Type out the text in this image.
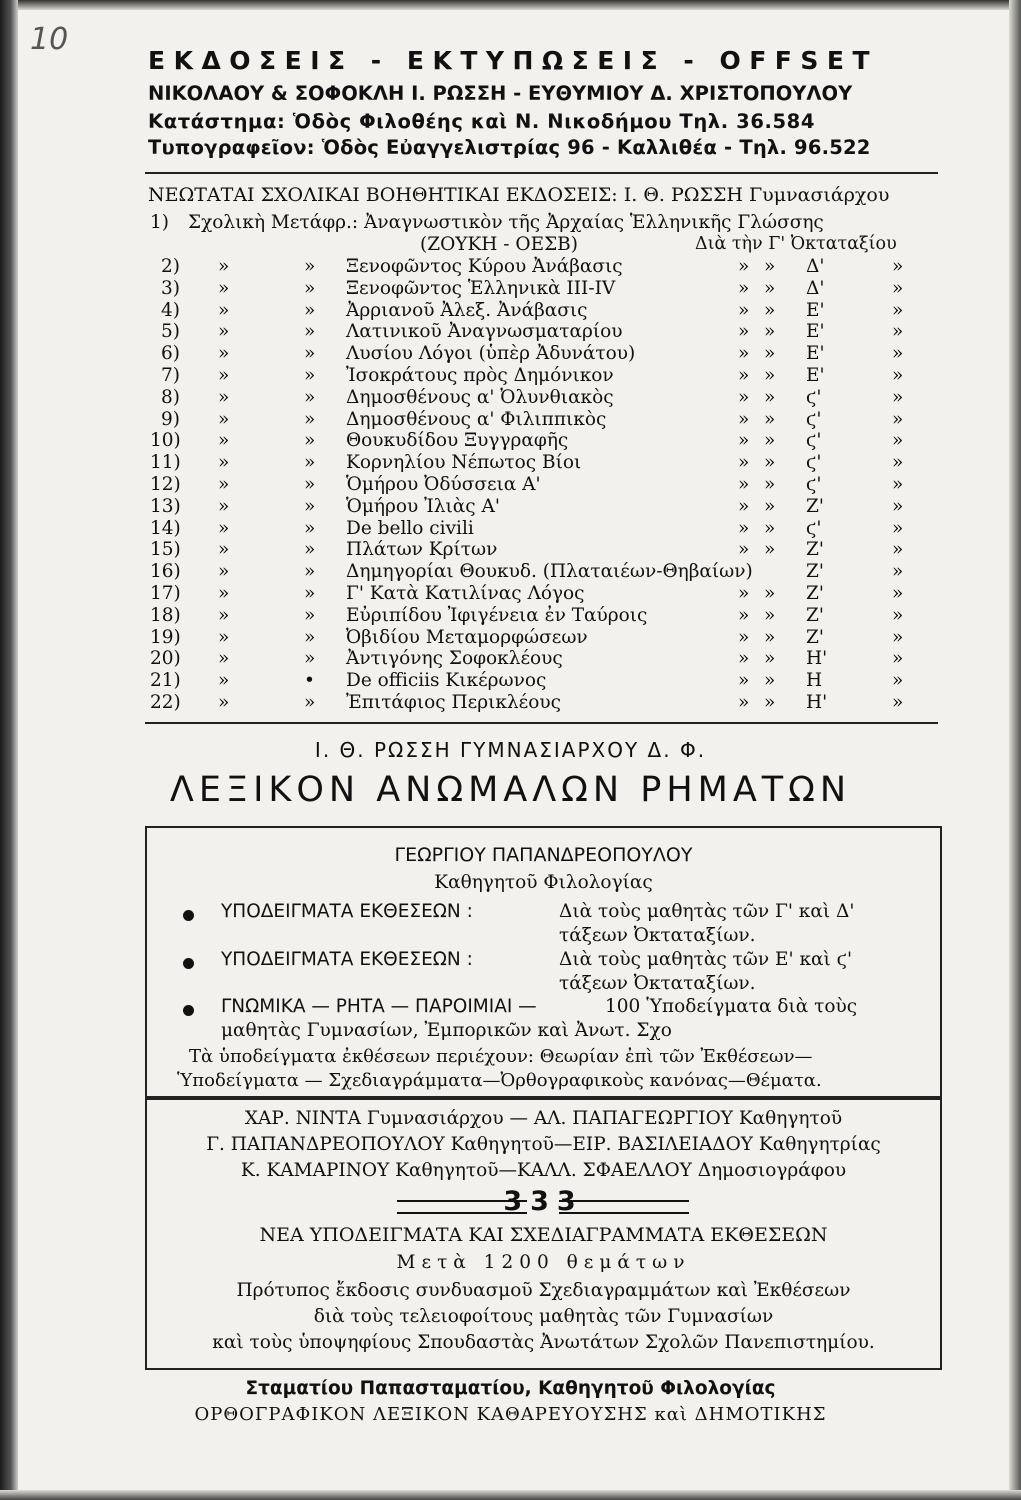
10
ΕΚΔΟΣΕΙΣ - ΕΚΤΥΠΩΣΕΙΣ - OFFSET
ΝΙΚΟΛΑΟΥ & ΣΟΦΟΚΛΗ Ι. ΡΩΣΣΗ - ΕΥΘΥΜΙΟΥ Δ. ΧΡΙΣΤΟΠΟΥΛΟΥ
Κατάστημα: Ὁδὸς Φιλοθέης καὶ Ν. Νικοδήμου Τηλ. 36.584
Τυπογραφεῖον: Ὁδὸς Εὐαγγελιστρίας 96 - Καλλιθέα - Τηλ. 96.522
ΝΕΩΤΑΤΑΙ ΣΧΟΛΙΚΑΙ ΒΟΗΘΗΤΙΚΑΙ ΕΚΔΟΣΕΙΣ: Ι. Θ. ΡΩΣΣΗ Γυμνασιάρχου
1) Σχολικὴ Μετάφρ.: Ἀναγνωστικὸν τῆς Ἀρχαίας Ἑλληνικῆς Γλώσσης
(ΖΟΥΚΗ - ΟΕΣΒ)	Διὰ τὴν Γ' Ὀκταταξίου
2) »	» Ξενοφῶντος Κύρου Ἀνάβασις	» » Δ'	»
3) »	» Ξενοφῶντος Ἑλληνικὰ III-IV	» » Δ'	»
4) »	» Ἀρριανοῦ Ἀλεξ. Ἀνάβασις	» » Ε'	»
5) »	» Λατινικοῦ Ἀναγνωσματαρίου	» » Ε'	»
6) »	» Λυσίου Λόγοι (ὑπὲρ Ἀδυνάτου)	» » Ε'	»
7) »	» Ἰσοκράτους πρὸς Δημόνικον	» » Ε'	»
8) »	» Δημοσθένους α' Ὀλυνθιακὸς	» » ϛ'	»
9) »	» Δημοσθένους α' Φιλιππικὸς	» » ϛ'	»
10) »	» Θουκυδίδου Ξυγγραφῆς	» » ϛ'	»
11) »	» Κορνηλίου Νέπωτος Βίοι	» » ϛ'	»
12) »	» Ὁμήρου Ὀδύσσεια Α'	» » ϛ'	»
13) »	» Ὁμήρου Ἰλιὰς Α'	» » Ζ'	»
14) »	» De bello civili	» » ϛ'	»
15) »	» Πλάτων Κρίτων	» » Ζ'	»
16) »	» Δημηγορίαι Θουκυδ. (Πλαταιέων-Θηβαίων)	Ζ'	»
17) »	» Γ' Κατὰ Κατιλίνας Λόγος	» » Ζ'	»
18) »	» Εὐριπίδου Ἰφιγένεια ἐν Ταύροις	» » Ζ'	»
19) »	» Ὀβιδίου Μεταμορφώσεων	» » Ζ'	»
20) »	» Ἀντιγόνης Σοφοκλέους	» » Η'	»
21) »	• De officiis Κικέρωνος	» » Η	»
22) »	» Ἐπιτάφιος Περικλέους	» » Η'	»
Ι. Θ. ΡΩΣΣΗ ΓΥΜΝΑΣΙΑΡΧΟΥ Δ. Φ.
ΛΕΞΙΚΟΝ ΑΝΩΜΑΛΩΝ ΡΗΜΑΤΩΝ
ΓΕΩΡΓΙΟΥ ΠΑΠΑΝΔΡΕΟΠΟΥΛΟΥ
Καθηγητοῦ Φιλολογίας
ΥΠΟΔΕΙΓΜΑΤΑ ΕΚΘΕΣΕΩΝ :	Διὰ τοὺς μαθητὰς τῶν Γ' καὶ Δ'
τάξεων Ὀκταταξίων.
ΥΠΟΔΕΙΓΜΑΤΑ ΕΚΘΕΣΕΩΝ :	Διὰ τοὺς μαθητὰς τῶν Ε' καὶ ϛ'
τάξεων Ὀκταταξίων.
ΓΝΩΜΙΚΑ — ΡΗΤΑ — ΠΑΡΟΙΜΙΑΙ —	100 Ὑποδείγματα διὰ τοὺς
μαθητὰς Γυμνασίων, Ἐμπορικῶν καὶ Ἀνωτ. Σχο
Τὰ ὑποδείγματα ἐκθέσεων περιέχουν: Θεωρίαν ἐπὶ τῶν Ἐκθέσεων—
Ὑποδείγματα — Σχεδιαγράμματα—Ὀρθογραφικοὺς κανόνας—Θέματα.
ΧΑΡ. ΝΙΝΤΑ Γυμνασιάρχου — ΑΛ. ΠΑΠΑΓΕΩΡΓΙΟΥ Καθηγητοῦ
Γ. ΠΑΠΑΝΔΡΕΟΠΟΥΛΟΥ Καθηγητοῦ—ΕΙΡ. ΒΑΣΙΛΕΙΑΔΟΥ Καθηγητρίας
Κ. ΚΑΜΑΡΙΝΟΥ Καθηγητοῦ—ΚΑΛΛ. ΣΦΑΕΛΛΟΥ Δημοσιογράφου
333
ΝΕΑ ΥΠΟΔΕΙΓΜΑΤΑ ΚΑΙ ΣΧΕΔΙΑΓΡΑΜΜΑΤΑ ΕΚΘΕΣΕΩΝ
Μετὰ 1200 θεμάτων
Πρότυπος ἔκδοσις συνδυασμοῦ Σχεδιαγραμμάτων καὶ Ἐκθέσεων
διὰ τοὺς τελειοφοίτους μαθητὰς τῶν Γυμνασίων
καὶ τοὺς ὑποψηφίους Σπουδαστὰς Ἀνωτάτων Σχολῶν Πανεπιστημίου.
Σταματίου Παπασταματίου, Καθηγητοῦ Φιλολογίας
ΟΡΘΟΓΡΑΦΙΚΟΝ ΛΕΞΙΚΟΝ ΚΑΘΑΡΕΥΟΥΣΗΣ καὶ ΔΗΜΟΤΙΚΗΣ
